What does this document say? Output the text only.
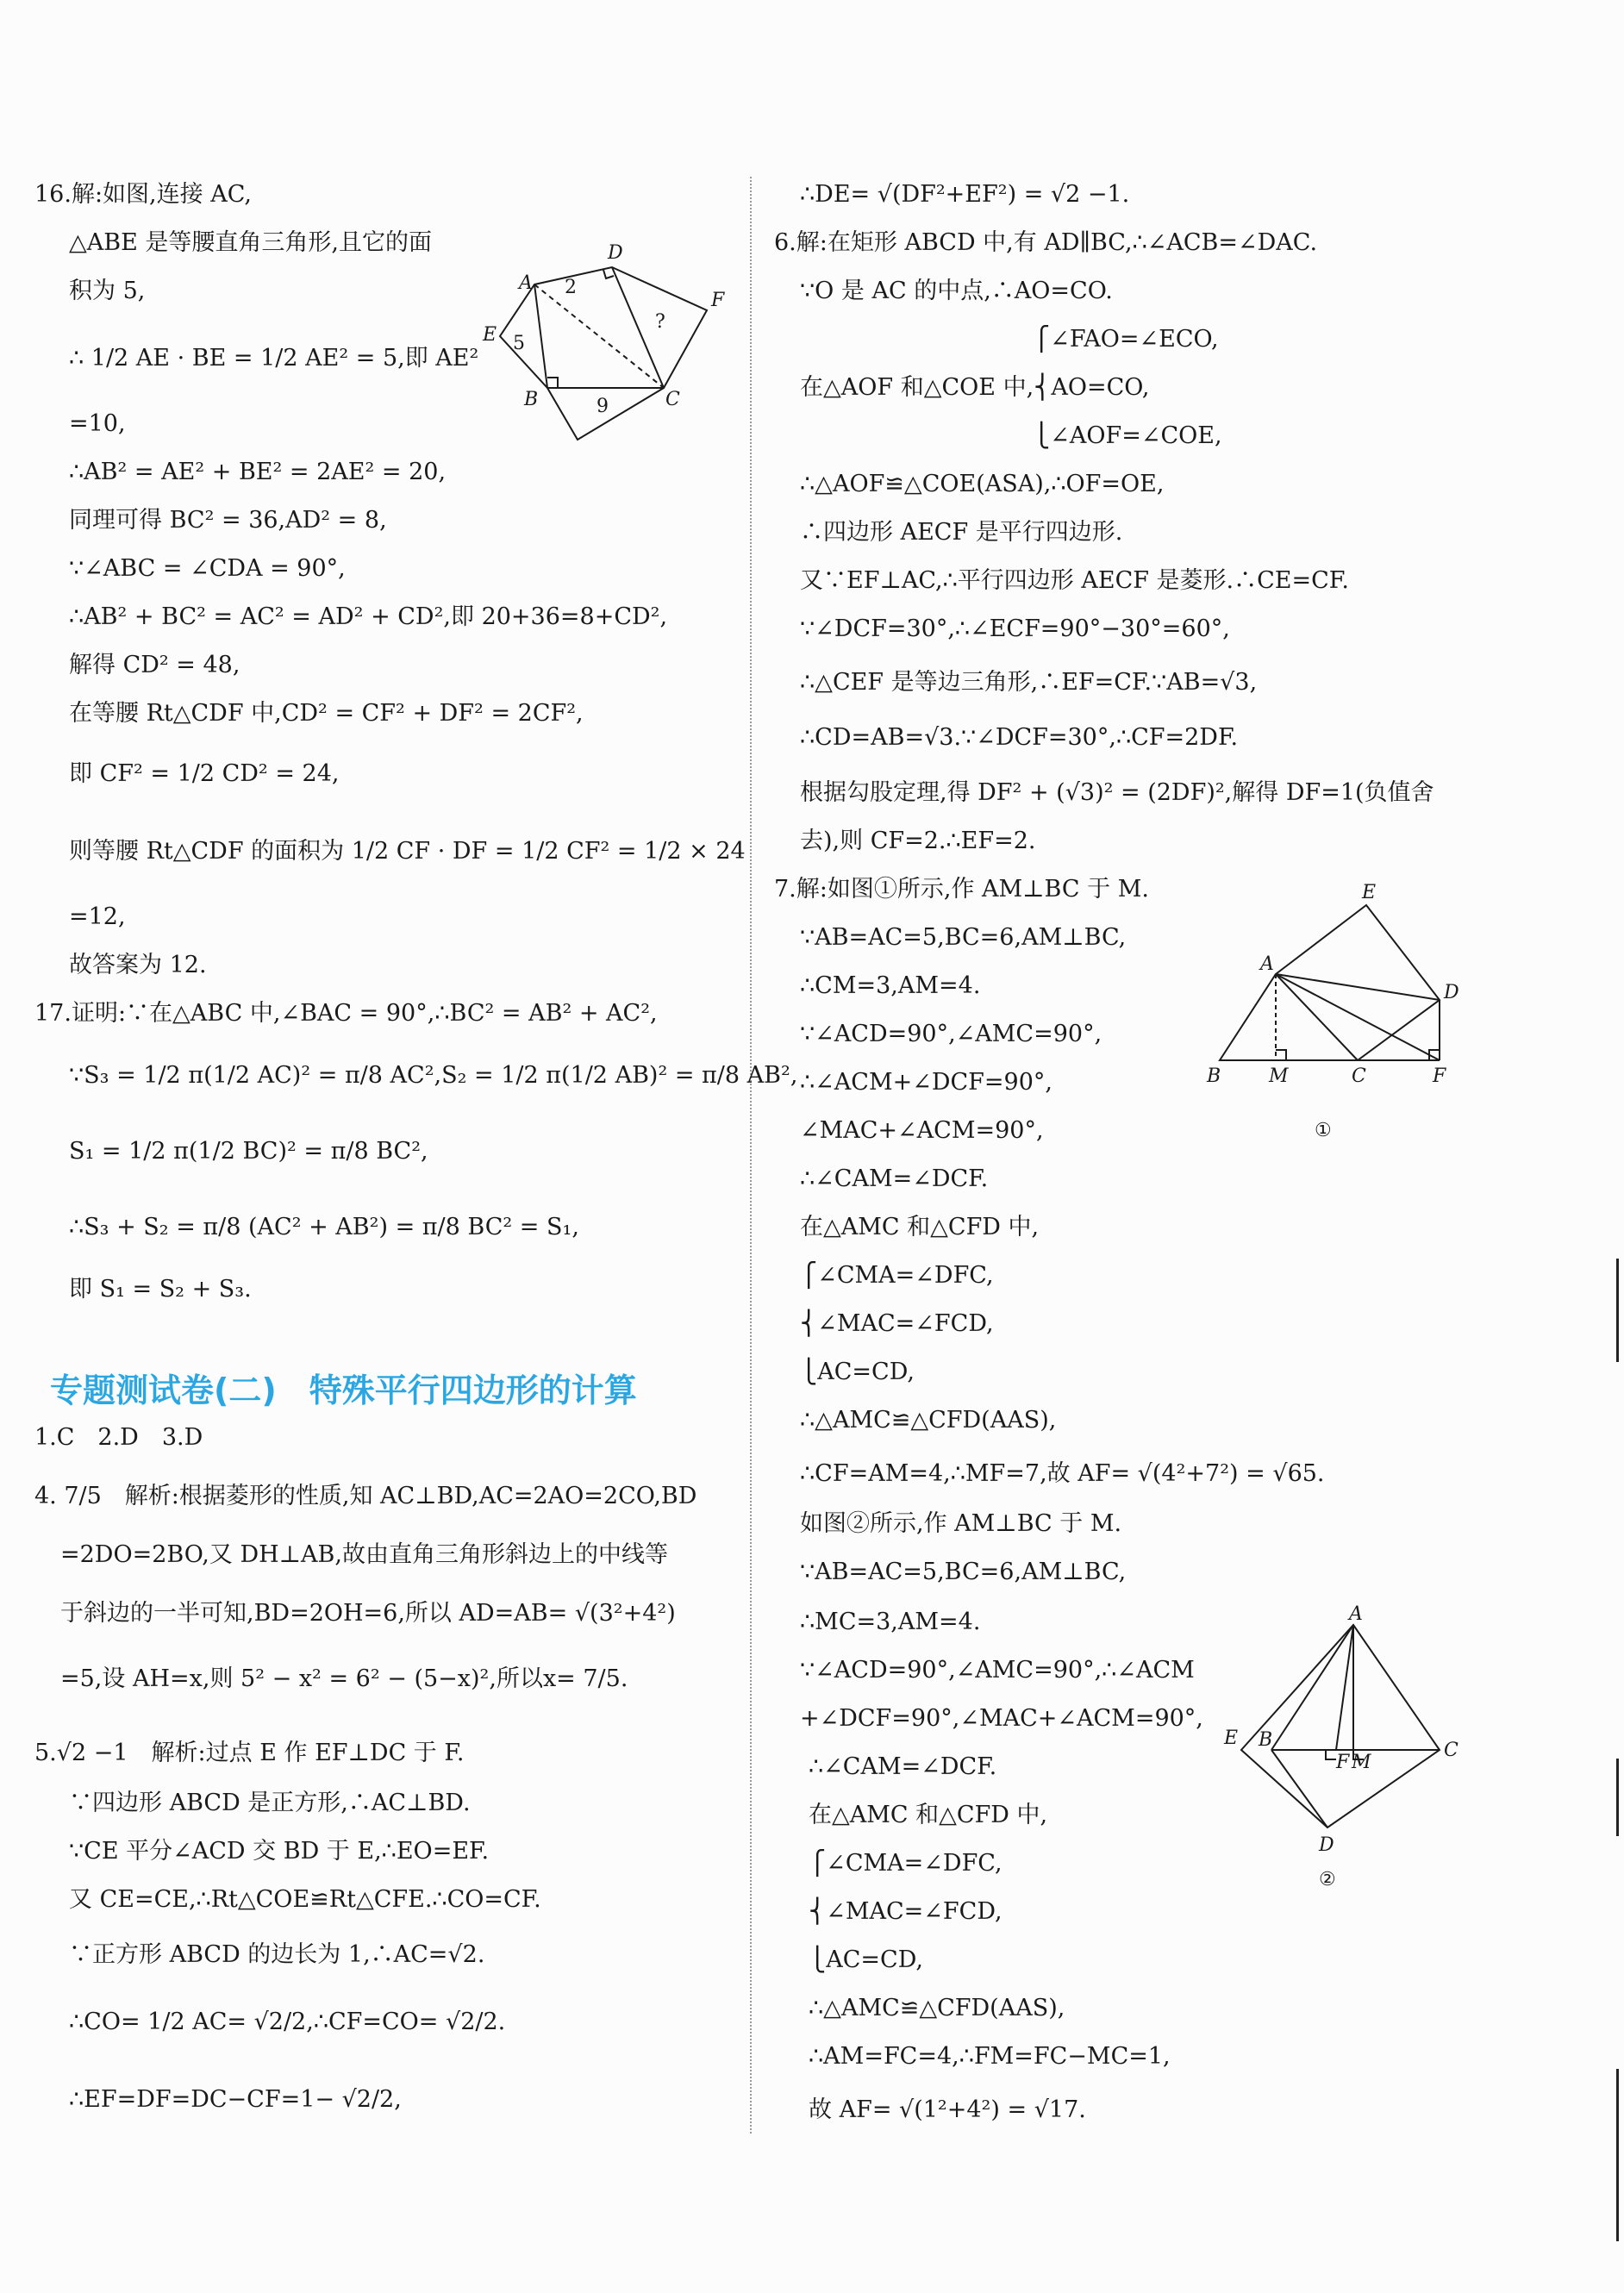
16.解:如图,连接 AC,
△ABE 是等腰直角三角形,且它的面
积为 5,
∴ 1/2 AE · BE = 1/2 AE² = 5,即 AE²
=10,
∴AB² = AE² + BE² = 2AE² = 20,
同理可得 BC² = 36,AD² = 8,
∵∠ABC = ∠CDA = 90°,
∴AB² + BC² = AC² = AD² + CD²,即 20+36=8+CD²,
解得 CD² = 48,
在等腰 Rt△CDF 中,CD² = CF² + DF² = 2CF²,
即 CF² = 1/2 CD² = 24,
则等腰 Rt△CDF 的面积为 1/2 CF · DF = 1/2 CF² = 1/2 × 24
=12,
故答案为 12.
17.证明:∵在△ABC 中,∠BAC = 90°,∴BC² = AB² + AC²,
∵S₃ = 1/2 π(1/2 AC)² = π/8 AC²,S₂ = 1/2 π(1/2 AB)² = π/8 AB²,
S₁ = 1/2 π(1/2 BC)² = π/8 BC²,
∴S₃ + S₂ = π/8 (AC² + AB²) = π/8 BC² = S₁,
即 S₁ = S₂ + S₃.
1.C　2.D　3.D
4. 7/5　解析:根据菱形的性质,知 AC⊥BD,AC=2AO=2CO,BD
=2DO=2BO,又 DH⊥AB,故由直角三角形斜边上的中线等
于斜边的一半可知,BD=2OH=6,所以 AD=AB= √(3²+4²)
=5,设 AH=x,则 5² − x² = 6² − (5−x)²,所以x= 7/5.
5.√2 −1　解析:过点 E 作 EF⊥DC 于 F.
∵四边形 ABCD 是正方形,∴AC⊥BD.
∵CE 平分∠ACD 交 BD 于 E,∴EO=EF.
又 CE=CE,∴Rt△COE≌Rt△CFE.∴CO=CF.
∵正方形 ABCD 的边长为 1,∴AC=√2.
∴CO= 1/2 AC= √2/2,∴CF=CO= √2/2.
∴EF=DF=DC−CF=1− √2/2,
∴DE= √(DF²+EF²) = √2 −1.
6.解:在矩形 ABCD 中,有 AD∥BC,∴∠ACB=∠DAC.
∵O 是 AC 的中点,∴AO=CO.
⎧∠FAO=∠ECO,
在△AOF 和△COE 中,⎨AO=CO,
⎩∠AOF=∠COE,
∴△AOF≌△COE(ASA),∴OF=OE,
∴四边形 AECF 是平行四边形.
又∵EF⊥AC,∴平行四边形 AECF 是菱形.∴CE=CF.
∵∠DCF=30°,∴∠ECF=90°−30°=60°,
∴△CEF 是等边三角形,∴EF=CF.∵AB=√3,
∴CD=AB=√3.∵∠DCF=30°,∴CF=2DF.
根据勾股定理,得 DF² + (√3)² = (2DF)²,解得 DF=1(负值舍
去),则 CF=2.∴EF=2.
7.解:如图①所示,作 AM⊥BC 于 M.
∵AB=AC=5,BC=6,AM⊥BC,
∴CM=3,AM=4.
∵∠ACD=90°,∠AMC=90°,
∴∠ACM+∠DCF=90°,
∠MAC+∠ACM=90°,
∴∠CAM=∠DCF.
在△AMC 和△CFD 中,
⎧∠CMA=∠DFC,
⎨∠MAC=∠FCD,
⎩AC=CD,
∴△AMC≌△CFD(AAS),
∴CF=AM=4,∴MF=7,故 AF= √(4²+7²) = √65.
如图②所示,作 AM⊥BC 于 M.
∵AB=AC=5,BC=6,AM⊥BC,
∴MC=3,AM=4.
∵∠ACD=90°,∠AMC=90°,∴∠ACM
+∠DCF=90°,∠MAC+∠ACM=90°,
∴∠CAM=∠DCF.
在△AMC 和△CFD 中,
⎧∠CMA=∠DFC,
⎨∠MAC=∠FCD,
⎩AC=CD,
∴△AMC≌△CFD(AAS),
∴AM=FC=4,∴FM=FC−MC=1,
故 AF= √(1²+4²) = √17.
专题测试卷(二)　特殊平行四边形的计算
D
A 2
?
F
E 5
B	9	C
E
A
D
B	M	C	F
①
A
E B
F M
C
D
②
